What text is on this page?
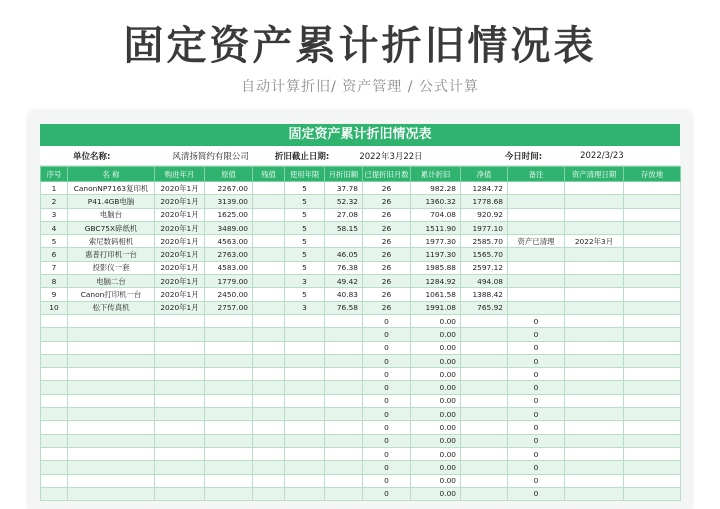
固定资产累计折旧情况表
自动计算折旧/ 资产管理 / 公式计算
固定资产累计折旧情况表
单位名称:	风清扬简约有限公司	折旧截止日期:	2022年3月22日	今日时间:	2022/3/23
序号	名 称	购进年月	原值	残值	使用年限	月折旧额	已提折旧月数	累计折旧	净值	备注	资产清理日期	存放地
1	CanonNP7163复印机	2020年1月	2267.00		5	37.78	26	982.28	1284.72			
2	P41.4GB电脑	2020年1月	3139.00		5	52.32	26	1360.32	1778.68			
3	电脑台	2020年1月	1625.00		5	27.08	26	704.08	920.92			
4	GBC75X碎纸机	2020年1月	3489.00		5	58.15	26	1511.90	1977.10			
5	索尼数码相机	2020年1月	4563.00		5		26	1977.30	2585.70	资产已清理	2022年3月	
6	惠普打印机一台	2020年1月	2763.00		5	46.05	26	1197.30	1565.70			
7	投影仪一套	2020年1月	4583.00		5	76.38	26	1985.88	2597.12			
8	电脑二台	2020年1月	1779.00		3	49.42	26	1284.92	494.08			
9	Canon打印机一台	2020年1月	2450.00		5	40.83	26	1061.58	1388.42			
10	松下传真机	2020年1月	2757.00		3	76.58	26	1991.08	765.92			
							0	0.00		0		
							0	0.00		0		
							0	0.00		0		
							0	0.00		0		
							0	0.00		0		
							0	0.00		0		
							0	0.00		0		
							0	0.00		0		
							0	0.00		0		
							0	0.00		0		
							0	0.00		0		
							0	0.00		0		
							0	0.00		0		
							0	0.00		0		
